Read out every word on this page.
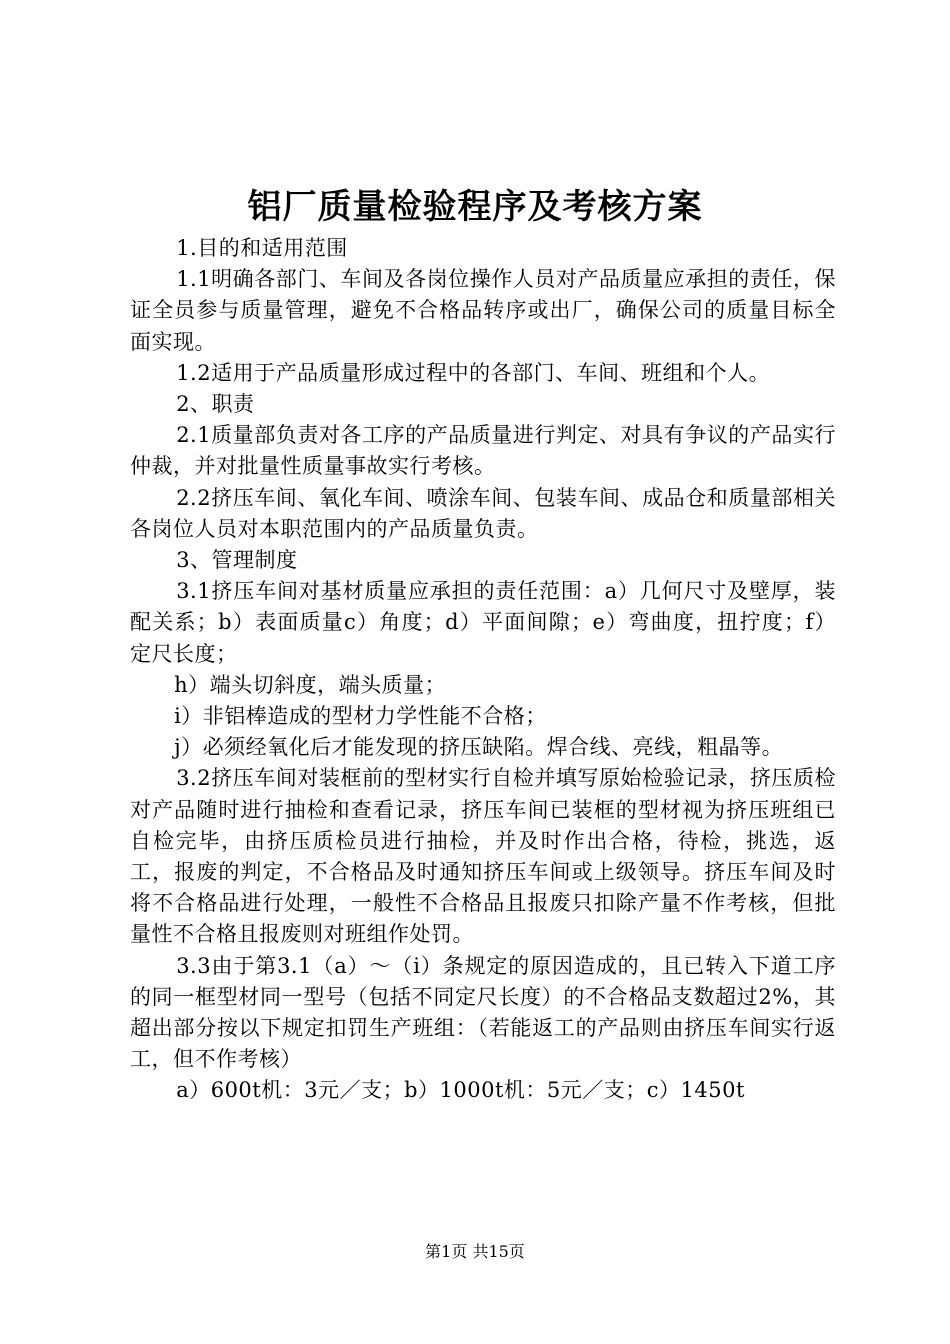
铝厂质量检验程序及考核方案

1.目的和适用范围

1.1明确各部门、车间及各岗位操作人员对产品质量应承担的责任，保证全员参与质量管理，避免不合格品转序或出厂，确保公司的质量目标全面实现。

1.2适用于产品质量形成过程中的各部门、车间、班组和个人。

2、职责

2.1质量部负责对各工序的产品质量进行判定、对具有争议的产品实行仲裁，并对批量性质量事故实行考核。

2.2挤压车间、氧化车间、喷涂车间、包装车间、成品仓和质量部相关各岗位人员对本职范围内的产品质量负责。

3、管理制度

3.1挤压车间对基材质量应承担的责任范围：a）几何尺寸及壁厚，装配关系；b）表面质量c）角度；d）平面间隙；e）弯曲度，扭拧度；f）定尺长度；

h）端头切斜度，端头质量；

i）非铝棒造成的型材力学性能不合格；

j）必须经氧化后才能发现的挤压缺陷。焊合线、亮线，粗晶等。

3.2挤压车间对装框前的型材实行自检并填写原始检验记录，挤压质检对产品随时进行抽检和查看记录，挤压车间已装框的型材视为挤压班组已自检完毕，由挤压质检员进行抽检，并及时作出合格，待检，挑选，返工，报废的判定，不合格品及时通知挤压车间或上级领导。挤压车间及时将不合格品进行处理，一般性不合格品且报废只扣除产量不作考核，但批量性不合格且报废则对班组作处罚。

3.3由于第3.1（a）～（i）条规定的原因造成的，且已转入下道工序的同一框型材同一型号（包括不同定尺长度）的不合格品支数超过2%，其超出部分按以下规定扣罚生产班组：（若能返工的产品则由挤压车间实行返工，但不作考核）

a）600t机：3元／支；b）1000t机：5元／支；c）1450t

第1页 共15页
